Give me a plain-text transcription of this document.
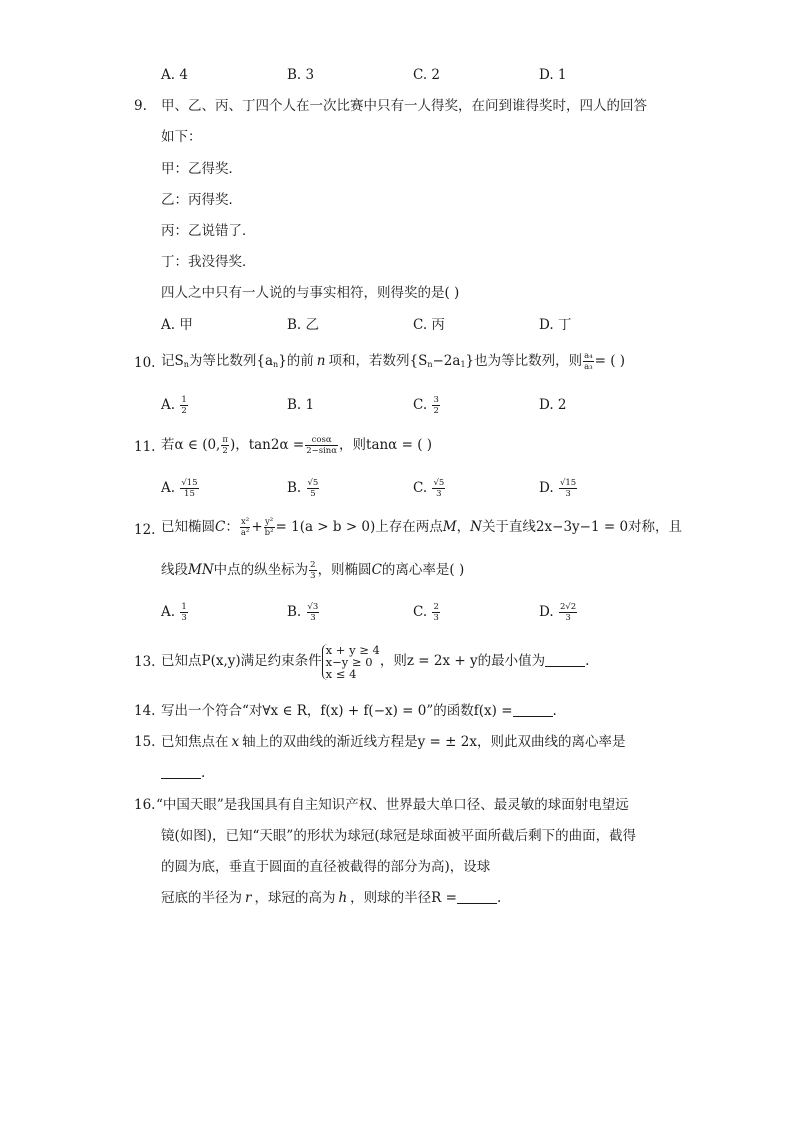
A. 4	B. 3	C. 2	D. 1
9. 甲、乙、丙、丁四个人在一次比赛中只有一人得奖，在问到谁得奖时，四人的回答
如下：
甲：乙得奖．
乙：丙得奖．
丙：乙说错了．
丁：我没得奖．
四人之中只有一人说的与事实相符，则得奖的是( )
A. 甲	B. 乙	C. 丙	D. 丁
10. 记$S_n$为等比数列$\{a_n\}$的前 n 项和，若数列$\{S_n-2a_1\}$也为等比数列，则 $\frac{\text{a₄}}{\text{a₃}}$ = ( )
A. $\frac{1}{2}$	B. 1	C. $\frac{3}{2}$	D. 2
11. 若α ∈ (0, $\frac{\pi}{2}$ )，$\tan 2\alpha = \frac{\cos\alpha}{2-\sin\alpha}$ ，则tanα = ( )
A. $\frac{√15}{15}$	B. $\frac{√5}{5}$	C. $\frac{√5}{3}$	D. $\frac{√15}{3}$
12. 已知椭圆C： $\frac{\text{x²}}{\text{a²}} + \frac{\text{y²}}{\text{b²}} = 1(a > b > 0)$上存在两点M，N关于直线2x−3y−1 = 0对称，且
线段MN中点的纵坐标为 $\frac{2}{3}$ ，则椭圆C的离心率是( )
A. $\frac{1}{3}$	B. $\frac{√3}{3}$	C. $\frac{2}{3}$	D. $\frac{2√2}{3}$
13. 已知点P(x,y)满足约束条件
x + y ≥ 4
x−y ≥ 0
x ≤ 4
，则z = 2x + y的最小值为	.
14. 写出一个符合“对∀x ∈ R，f(x) + f(−x) = 0”的函数f(x) =	.
15. 已知焦点在 x 轴上的双曲线的渐近线方程是y = ± 2x，则此双曲线的离心率是
.
16. “中国天眼”是我国具有自主知识产权、世界最大单口径、最灵敏的球面射电望远
镜(如图)，已知“天眼”的形状为球冠(球冠是球面被平面所截后剩下的曲面，截得
的圆为底，垂直于圆面的直径被截得的部分为高)，设球
冠底的半径为 r ，球冠的高为 h ，则球的半径R =	.
